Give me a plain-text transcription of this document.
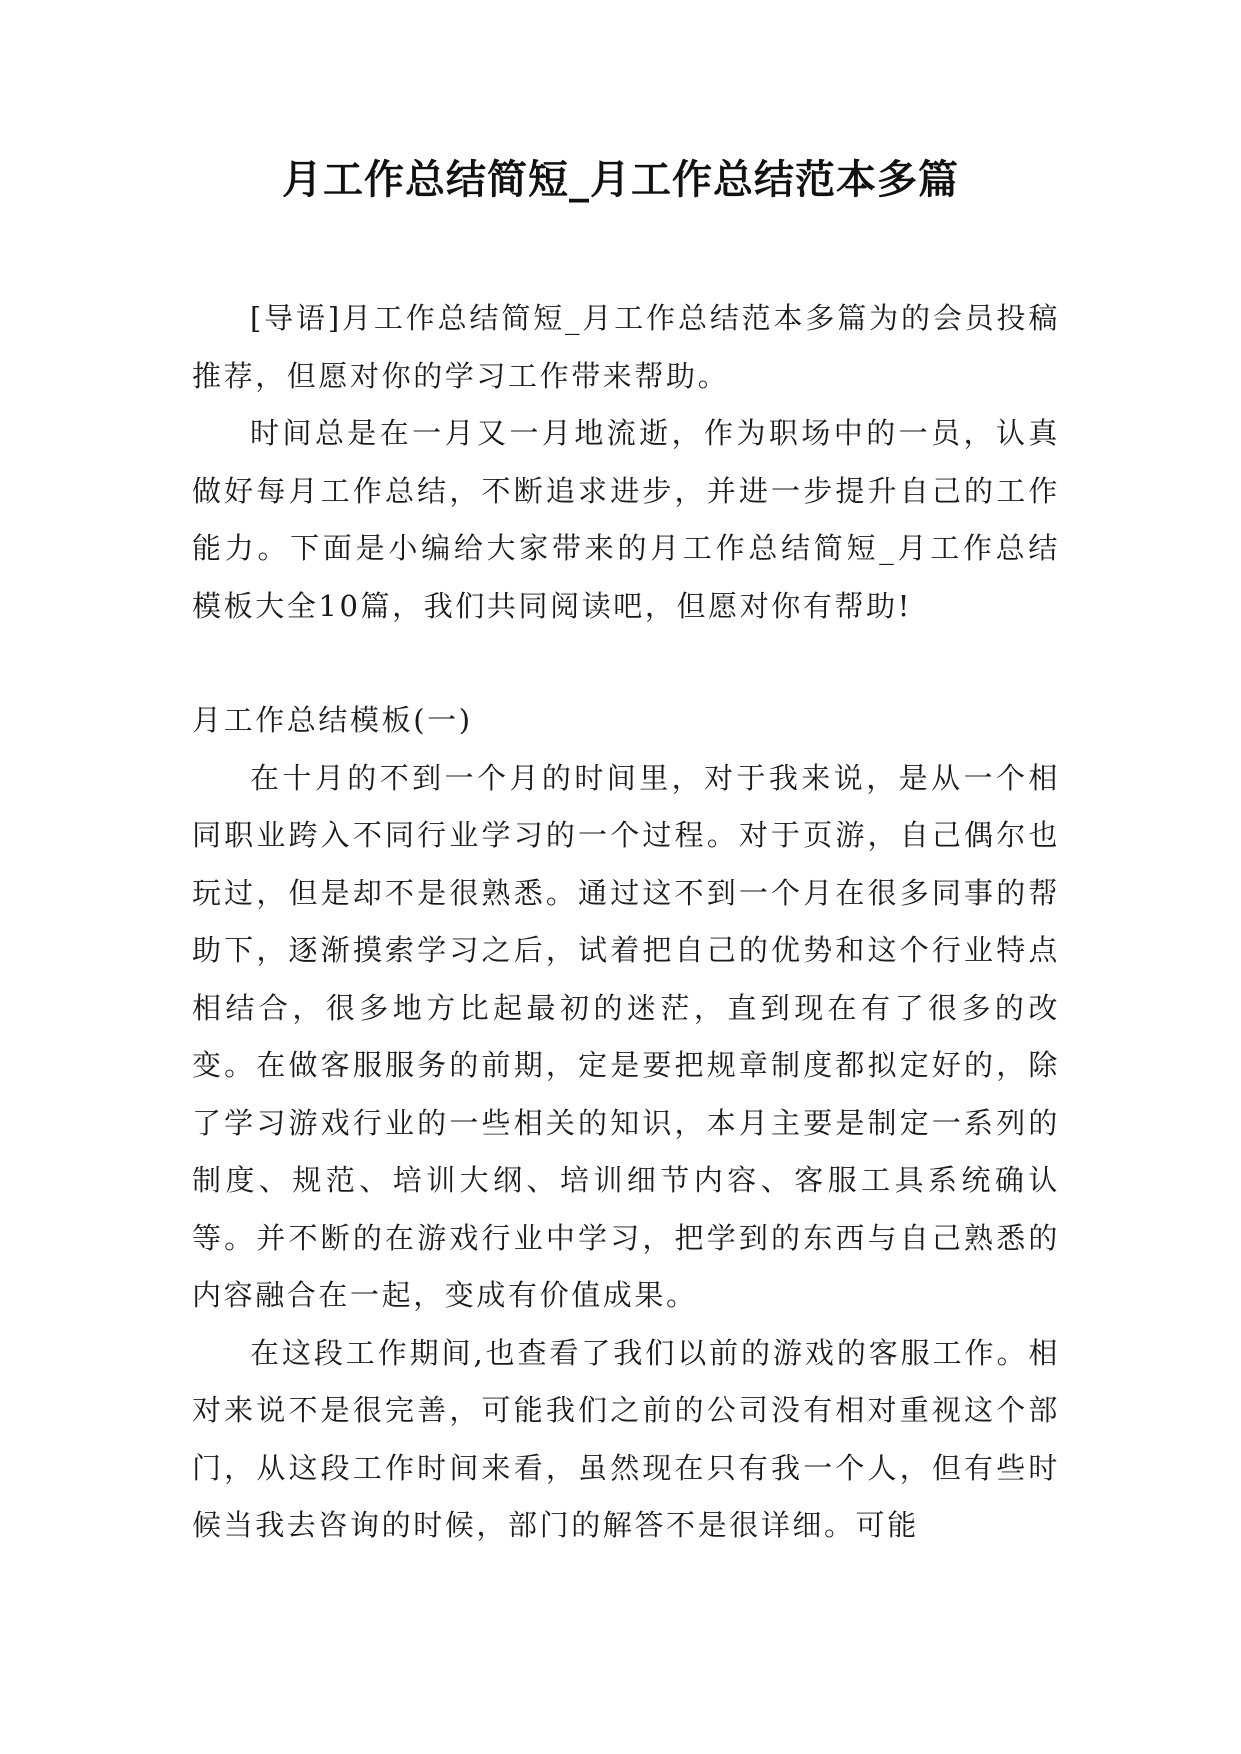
月工作总结简短_月工作总结范本多篇

[导语]月工作总结简短_月工作总结范本多篇为的会员投稿推荐，但愿对你的学习工作带来帮助。

时间总是在一月又一月地流逝，作为职场中的一员，认真做好每月工作总结，不断追求进步，并进一步提升自己的工作能力。下面是小编给大家带来的月工作总结简短_月工作总结模板大全10篇，我们共同阅读吧，但愿对你有帮助!

月工作总结模板(一)

在十月的不到一个月的时间里，对于我来说，是从一个相同职业跨入不同行业学习的一个过程。对于页游，自己偶尔也玩过，但是却不是很熟悉。通过这不到一个月在很多同事的帮助下，逐渐摸索学习之后，试着把自己的优势和这个行业特点相结合，很多地方比起最初的迷茫，直到现在有了很多的改变。在做客服服务的前期，定是要把规章制度都拟定好的，除了学习游戏行业的一些相关的知识，本月主要是制定一系列的制度、规范、培训大纲、培训细节内容、客服工具系统确认等。并不断的在游戏行业中学习，把学到的东西与自己熟悉的内容融合在一起，变成有价值成果。

在这段工作期间,也查看了我们以前的游戏的客服工作。相对来说不是很完善，可能我们之前的公司没有相对重视这个部门，从这段工作时间来看，虽然现在只有我一个人，但有些时候当我去咨询的时候，部门的解答不是很详细。可能
